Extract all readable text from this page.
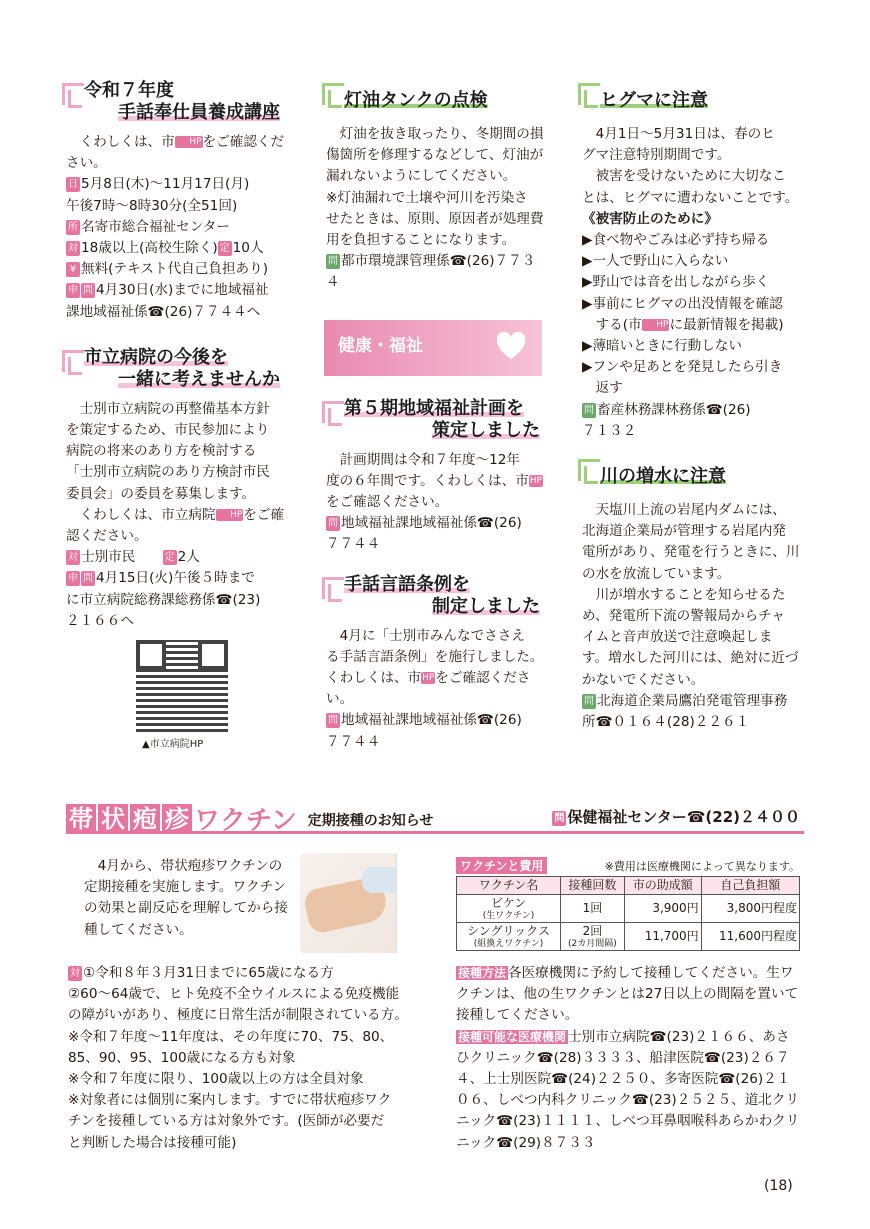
令和７年度
手話奉仕員養成講座

くわしくは、市 HPをご確認くだ

さい。

日 5月8日(木)～11月17日(月)

午後7時～8時30分(全51回)

所 名寄市総合福祉センター

対 18歳以上(高校生除く) 定 10人

¥ 無料(テキスト代自己負担あり)

申 問 4月30日(水)までに地域福祉

課地域福祉係☎(26)７７４４へ

市立病院の今後を
一緒に考えませんか

士別市立病院の再整備基本方針

を策定するため、市民参加により

病院の将来のあり方を検討する

「士別市立病院のあり方検討市民

委員会」の委員を募集します。

くわしくは、市立病院 HPをご確

認ください。

対 士別市民　　	定 2人

申 問 4月15日(火)午後５時まで

に市立病院総務課総務係☎(23)

２１６６へ

▲市立病院HP

灯油タンクの点検

灯油を抜き取ったり、冬期間の損

傷箇所を修理するなどして、灯油が

漏れないようにしてください。

※灯油漏れで土壌や河川を汚染さ

せたときは、原則、原因者が処理費

用を負担することになります。

問 都市環境課管理係☎(26)７７３４

健康・福祉
第５期地域福祉計画を
策定しました

計画期間は令和７年度～12年

度の６年間です。くわしくは、市HP

をご確認ください。

問 地域福祉課地域福祉係☎(26)

７７４４

手話言語条例を
制定しました

4月に「士別市みんなでささえ

る手話言語条例」を施行しました。

くわしくは、市HPをご確認くださ

い。

問 地域福祉課地域福祉係☎(26)

７７４４

ヒグマに注意

4月1日～5月31日は、春のヒ

グマ注意特別期間です。

被害を受けないために大切なこ

とは、ヒグマに遭わないことです。

《被害防止のために》

▶食べ物やごみは必ず持ち帰る

▶一人で野山に入らない

▶野山では音を出しながら歩く

▶事前にヒグマの出没情報を確認

する(市 HPに最新情報を掲載)

▶薄暗いときに行動しない

▶フンや足あとを発見したら引き

返す

問 畜産林務課林務係☎(26)

７１３２

川の増水に注意

天塩川上流の岩尾内ダムには、

北海道企業局が管理する岩尾内発

電所があり、発電を行うときに、川

の水を放流しています。

川が増水することを知らせるた

め、発電所下流の警報局からチャ

イムと音声放送で注意喚起しま

す。増水した河川には、絶対に近づ

かないでください。

問 北海道企業局鷹泊発電管理事務

所☎０１６４(28)２２６１

帯 状 疱 疹 ワクチン 定期接種のお知らせ	問 保健福祉センター☎(22)２４００

4月から、帯状疱疹ワクチンの

定期接種を実施します。ワクチン

の効果と副反応を理解してから接

種してください。

ワクチンと費用	※費用は医療機関によって異なります。
ワクチン名	接種回数	市の助成額	自己負担額
ビケン
(生ワクチン)	1回	3,900円	3,800円程度
シングリックス
(組換えワクチン)	2回
(2カ月間隔)	11,700円	11,600円程度

対 ①令和８年３月31日までに65歳になる方

②60～64歳で、ヒト免疫不全ウイルスによる免疫機能

の障がいがあり、極度に日常生活が制限されている方。

※令和７年度～11年度は、その年度に70、75、80、

85、90、95、100歳になる方も対象

※令和７年度に限り、100歳以上の方は全員対象

※対象者には個別に案内します。すでに帯状疱疹ワク

チンを接種している方は対象外です。(医師が必要だ

と判断した場合は接種可能)

接種方法 各医療機関に予約して接種してください。生ワクチンは、他の生ワクチンとは27日以上の間隔を置いて接種してください。

接種可能な医療機関 士別市立病院☎(23)２１６６、あさひクリニック☎(28)３３３３、船津医院☎(23)２６７４、上士別医院☎(24)２２５０、多寄医院☎(26)２１０６、しべつ内科クリニック☎(23)２５２５、道北クリニック☎(23)１１１１、しべつ耳鼻咽喉科あらかわクリニック☎(29)８７３３

(18)
